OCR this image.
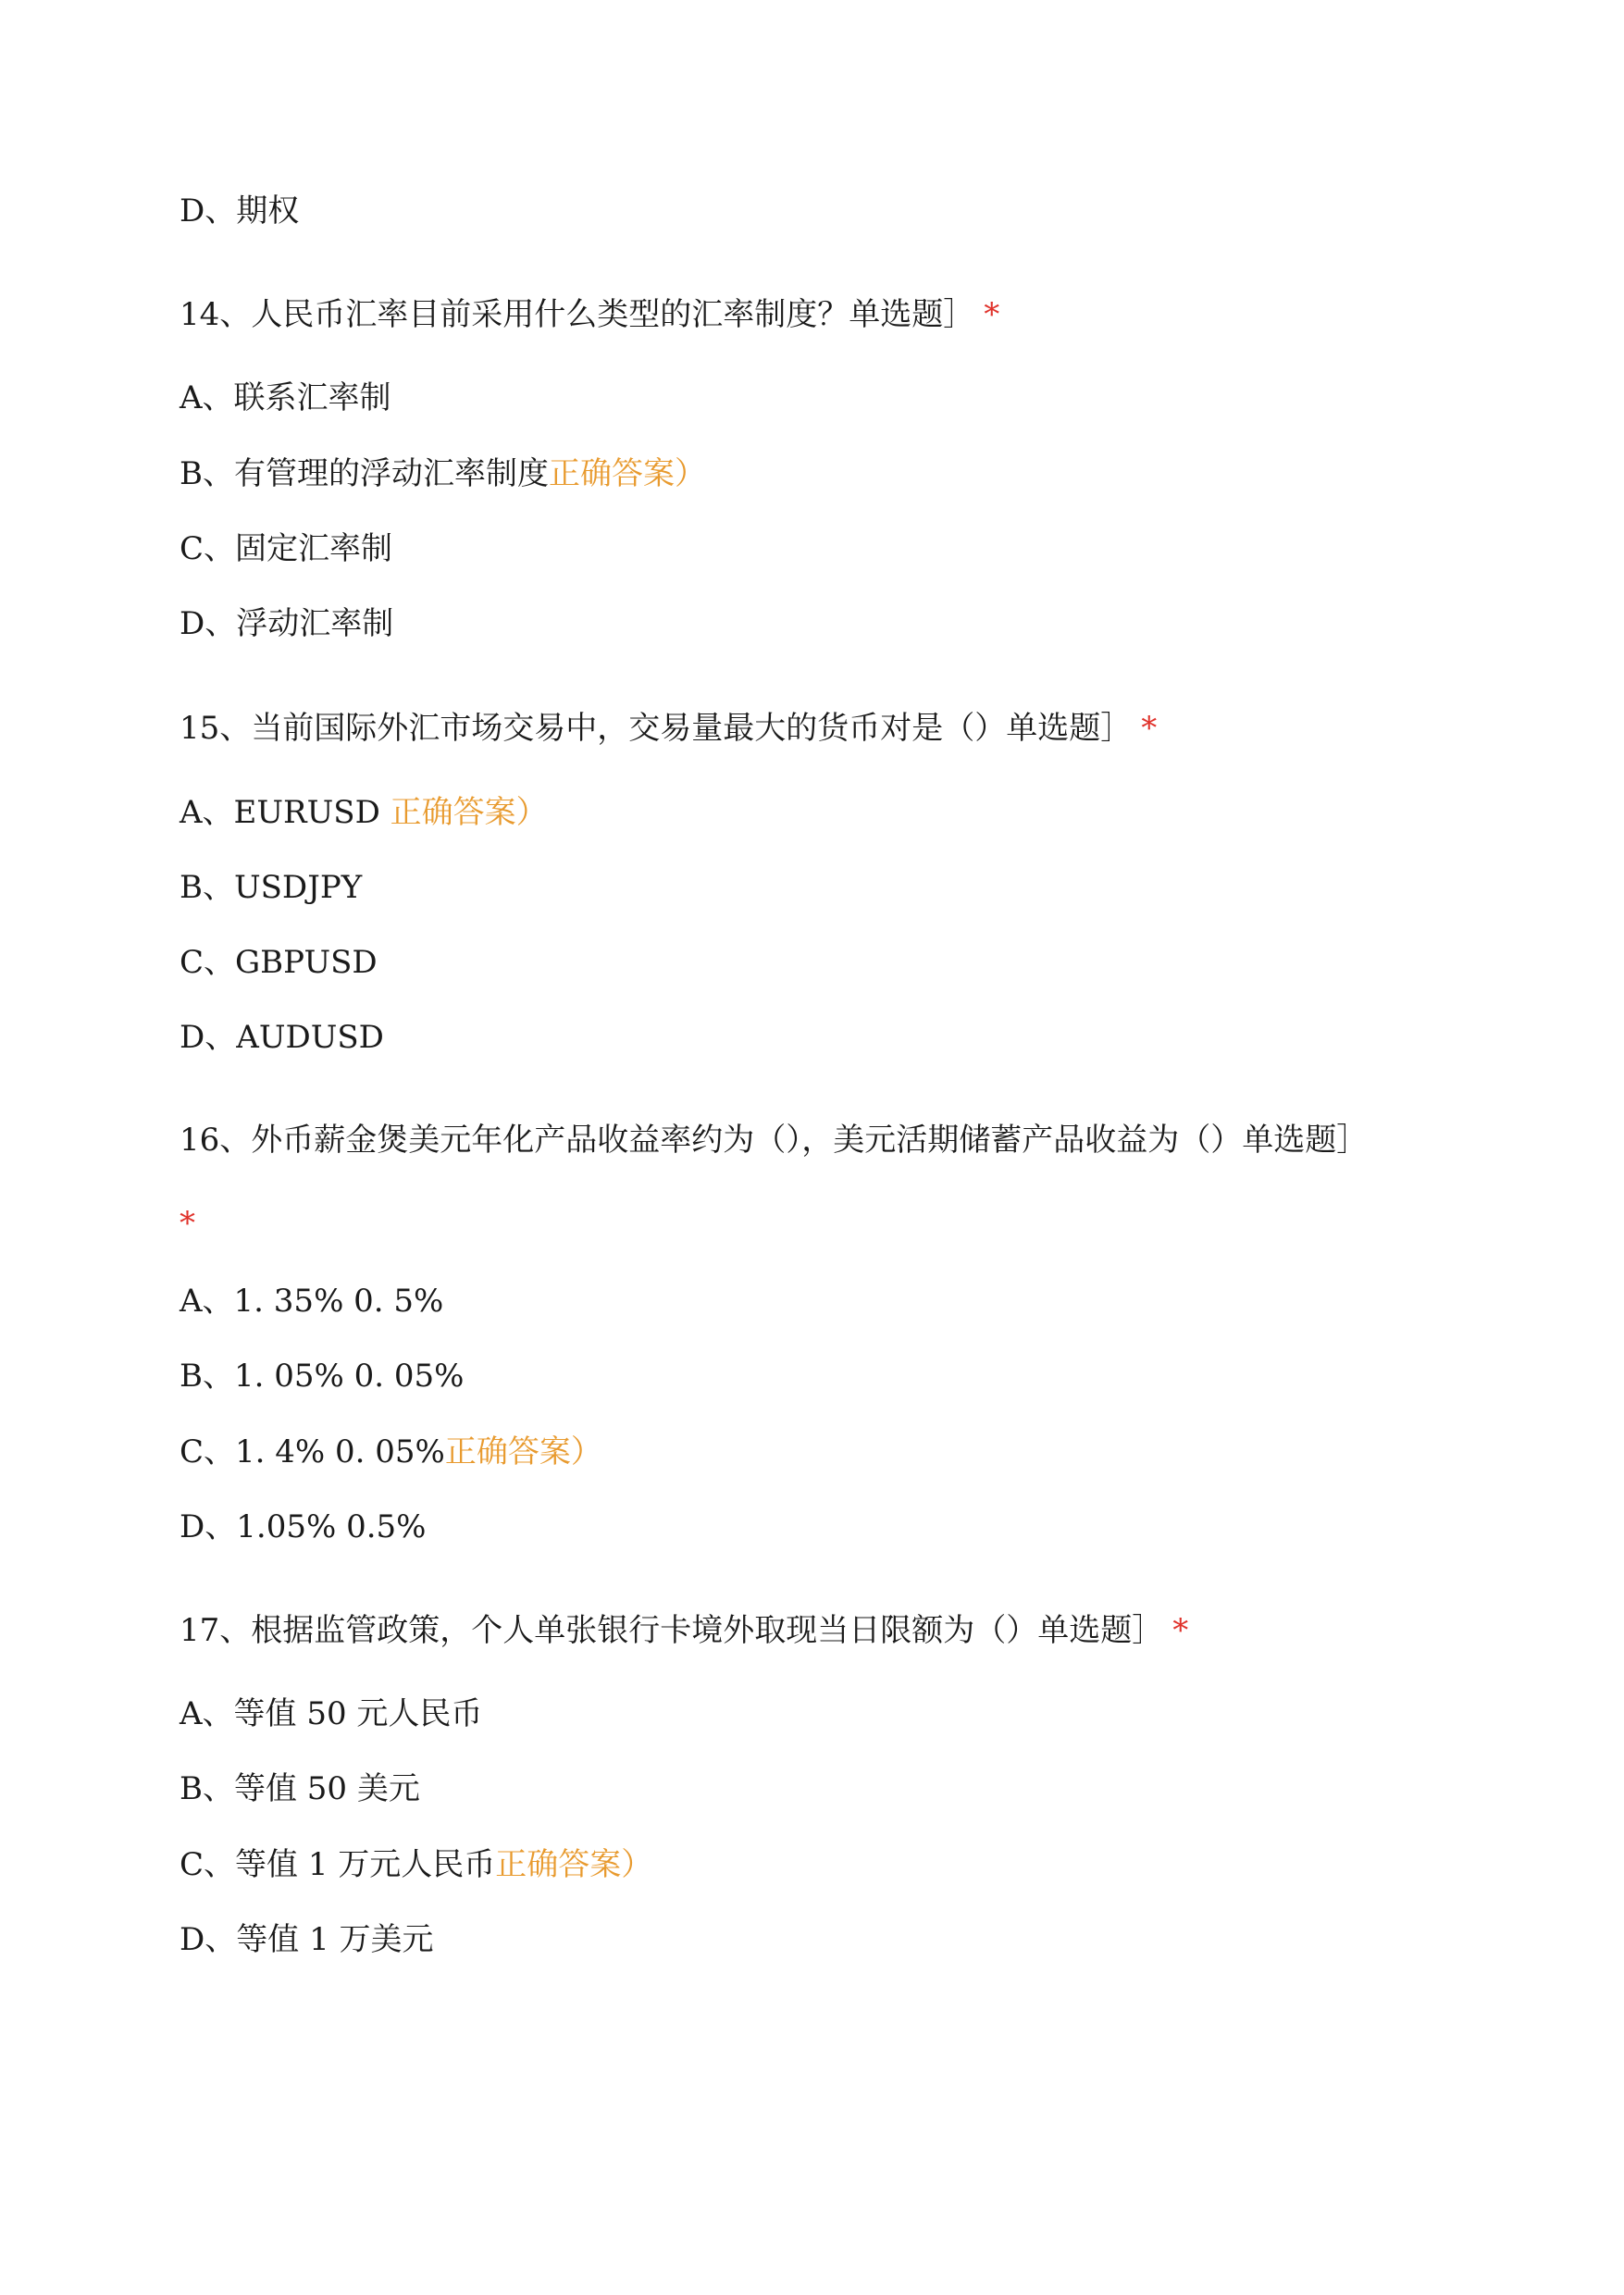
D、期权
14、人民币汇率目前采用什么类型的汇率制度？单选题］ *
A、联系汇率制
B、有管理的浮动汇率制度正确答案）
C、固定汇率制
D、浮动汇率制
15、当前国际外汇市场交易中，交易量最大的货币对是（）单选题］ *
A、EURUSD 正确答案）
B、USDJPY
C、GBPUSD
D、AUDUSD
16、外币薪金煲美元年化产品收益率约为（），美元活期储蓄产品收益为（）单选题］
*
A、1. 35% 0. 5%
B、1. 05% 0. 05%
C、1. 4% 0. 05%正确答案）
D、1.05% 0.5%
17、根据监管政策，个人单张银行卡境外取现当日限额为（）单选题］ *
A、等值 50 元人民币
B、等值 50 美元
C、等值 1 万元人民币正确答案）
D、等值 1 万美元
